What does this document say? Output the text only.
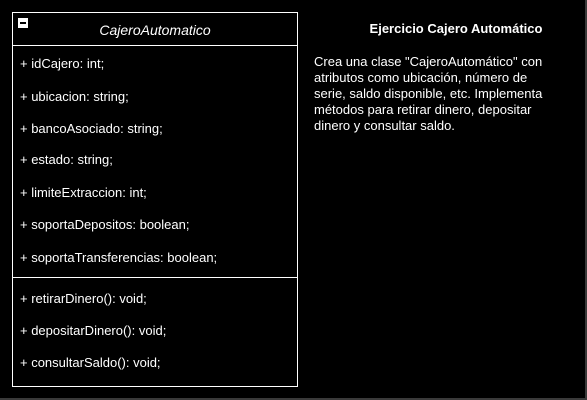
CajeroAutomatico
+ idCajero: int;
+ ubicacion: string;
+ bancoAsociado: string;
+ estado: string;
+ limiteExtraccion: int;
+ soportaDepositos: boolean;
+ soportaTransferencias: boolean;
+ retirarDinero(): void;
+ depositarDinero(): void;
+ consultarSaldo(): void;
Ejercicio Cajero Automático
Crea una clase "CajeroAutomático" con
atributos como ubicación, número de
serie, saldo disponible, etc. Implementa
métodos para retirar dinero, depositar
dinero y consultar saldo.
